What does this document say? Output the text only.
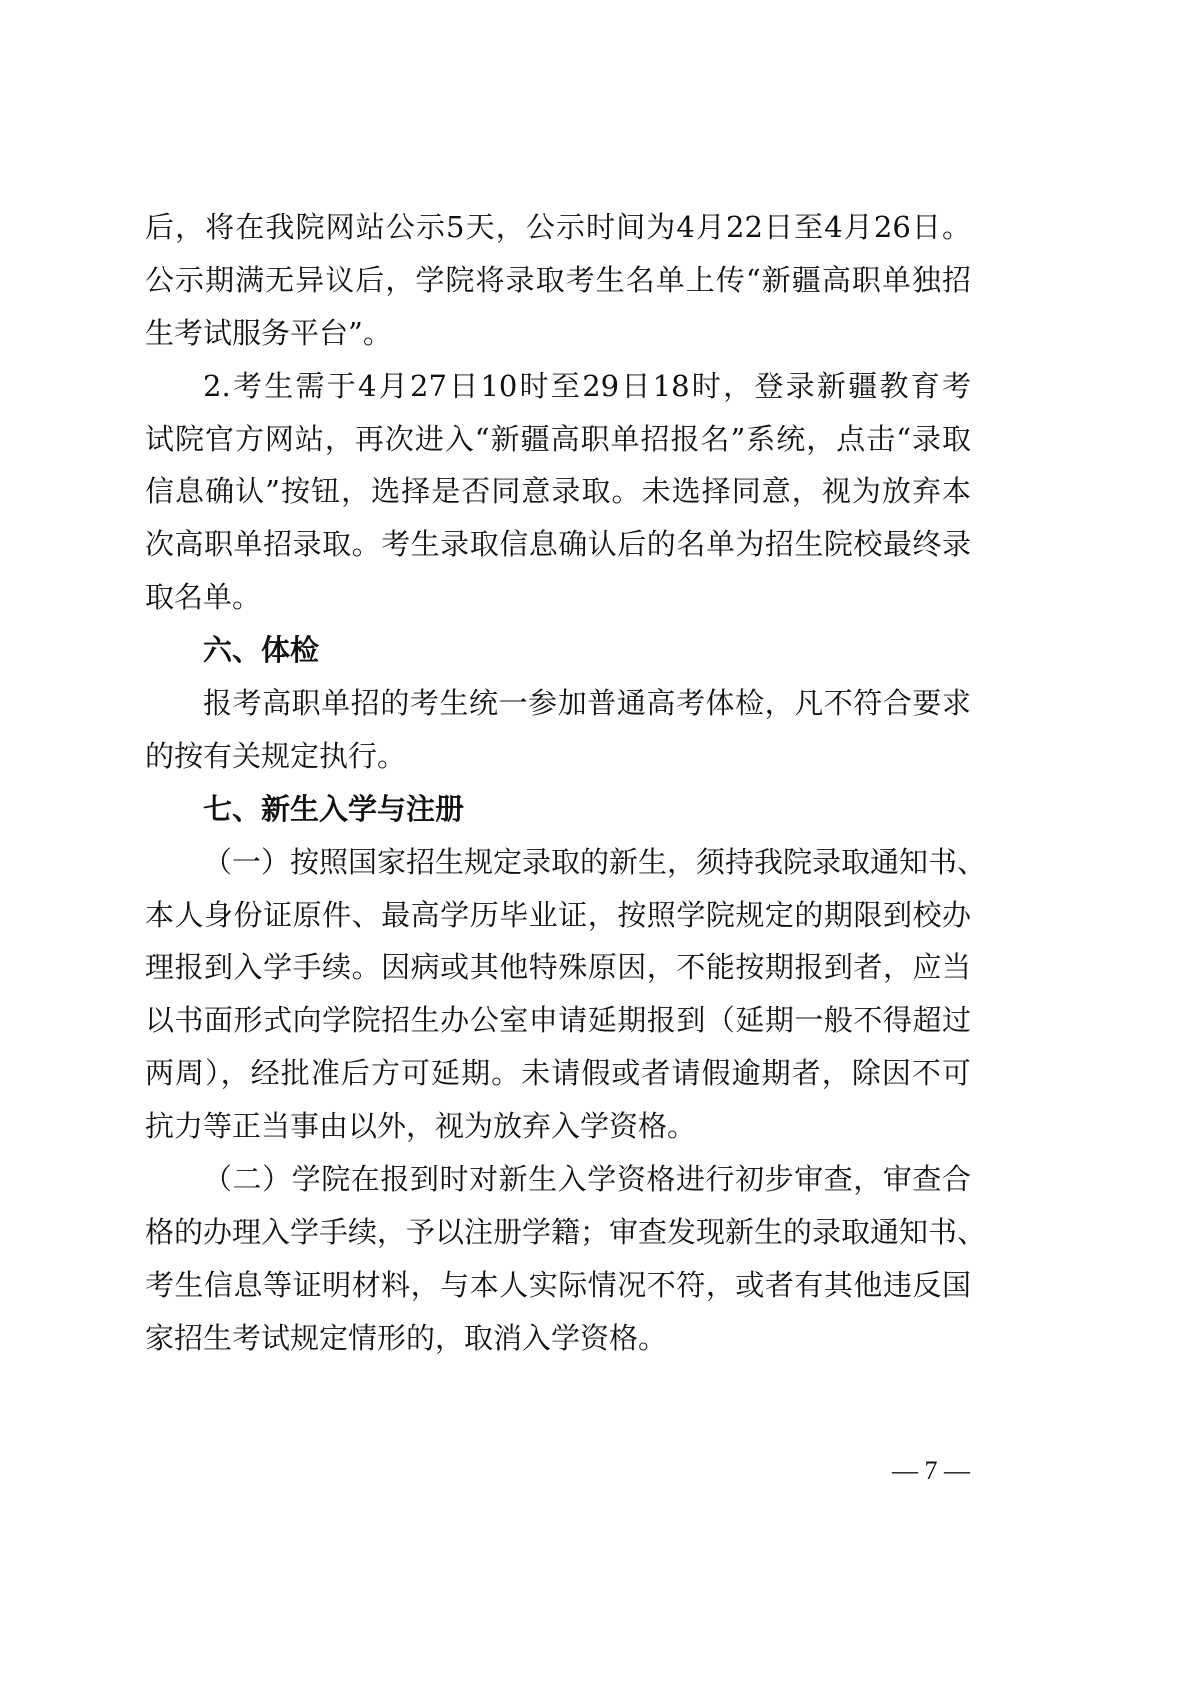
后，将在我院网站公示5天，公示时间为4月22日至4月26日。
公示期满无异议后，学院将录取考生名单上传“新疆高职单独招
生考试服务平台”。
2.考生需于4月27日10时至29日18时，登录新疆教育考
试院官方网站，再次进入“新疆高职单招报名”系统，点击“录取
信息确认”按钮，选择是否同意录取。未选择同意，视为放弃本
次高职单招录取。考生录取信息确认后的名单为招生院校最终录
取名单。
六、体检
报考高职单招的考生统一参加普通高考体检，凡不符合要求
的按有关规定执行。
七、新生入学与注册
（一）按照国家招生规定录取的新生，须持我院录取通知书、
本人身份证原件、最高学历毕业证，按照学院规定的期限到校办
理报到入学手续。因病或其他特殊原因，不能按期报到者，应当
以书面形式向学院招生办公室申请延期报到（延期一般不得超过
两周），经批准后方可延期。未请假或者请假逾期者，除因不可
抗力等正当事由以外，视为放弃入学资格。
（二）学院在报到时对新生入学资格进行初步审查，审查合
格的办理入学手续，予以注册学籍；审查发现新生的录取通知书、
考生信息等证明材料，与本人实际情况不符，或者有其他违反国
家招生考试规定情形的，取消入学资格。
— 7 —
